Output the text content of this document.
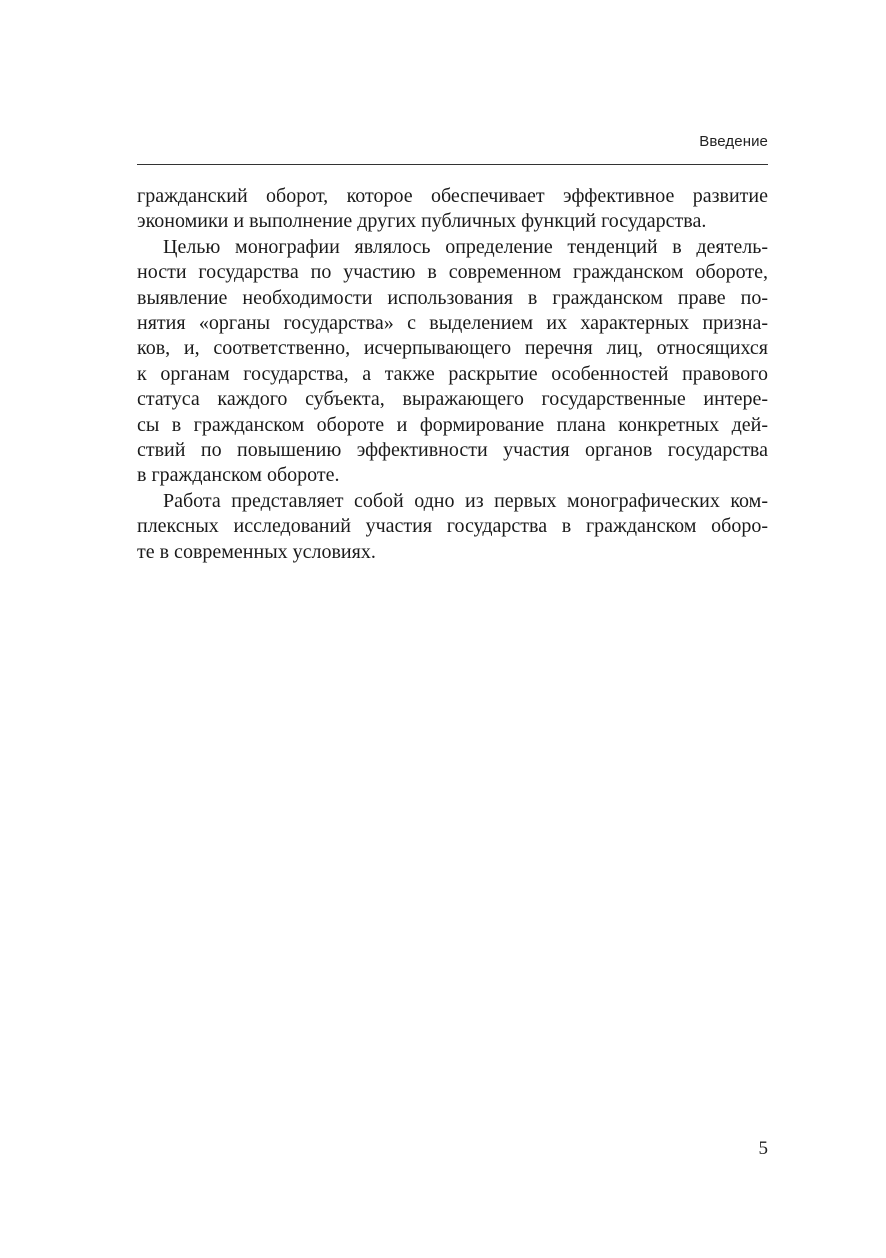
Введение
гражданский оборот, которое обеспечивает эффективное развитие
экономики и выполнение других публичных функций государства.
Целью монографии являлось определение тенденций в деятель-
ности государства по участию в современном гражданском обороте,
выявление необходимости использования в гражданском праве по-
нятия «органы государства» с выделением их характерных призна-
ков, и, соответственно, исчерпывающего перечня лиц, относящихся
к органам государства, а также раскрытие особенностей правового
статуса каждого субъекта, выражающего государственные интере-
сы в гражданском обороте и формирование плана конкретных дей-
ствий по повышению эффективности участия органов государства
в гражданском обороте.
Работа представляет собой одно из первых монографических ком-
плексных исследований участия государства в гражданском оборо-
те в современных условиях.
5
